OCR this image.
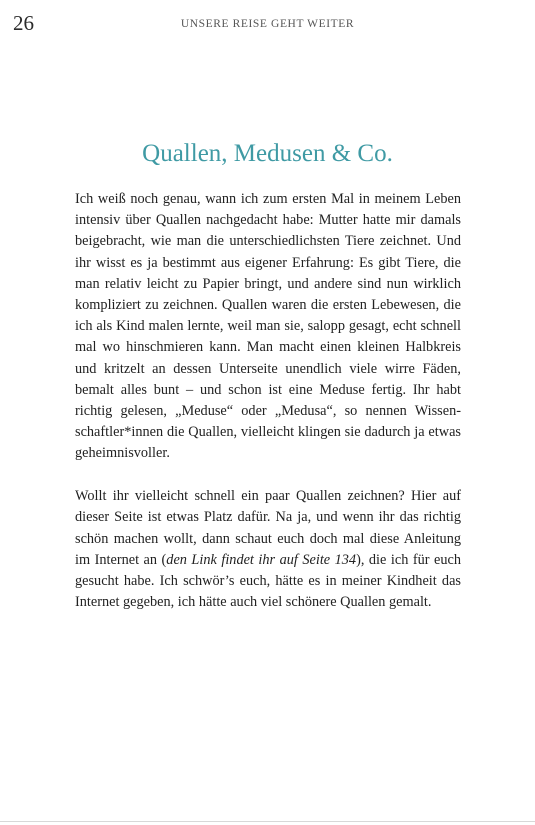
26	UNSERE REISE GEHT WEITER
Quallen, Medusen & Co.

Ich weiß noch genau, wann ich zum ersten Mal in meinem Leben intensiv über Quallen nachgedacht habe: Mutter hatte mir damals beigebracht, wie man die unterschiedlichsten Tiere zeichnet. Und ihr wisst es ja bestimmt aus eigener Erfahrung: Es gibt Tiere, die man relativ leicht zu Papier bringt, und andere sind nun wirklich kompliziert zu zeichnen. Quallen waren die ersten Lebewesen, die ich als Kind malen lernte, weil man sie, salopp gesagt, echt schnell mal wo hinschmieren kann. Man macht einen kleinen Halbkreis und kritzelt an dessen Unterseite unendlich viele wirre Fäden, bemalt alles bunt – und schon ist eine Meduse fertig. Ihr habt richtig gelesen, „Meduse“ oder „Medusa“, so nennen Wissenschaftler*innen die Quallen, vielleicht klingen sie dadurch ja etwas geheimnisvoller.

Wollt ihr vielleicht schnell ein paar Quallen zeichnen? Hier auf dieser Seite ist etwas Platz dafür. Na ja, und wenn ihr das richtig schön machen wollt, dann schaut euch doch mal diese Anleitung im Internet an (den Link findet ihr auf Seite 134), die ich für euch gesucht habe. Ich schwör’s euch, hätte es in meiner Kindheit das Internet gegeben, ich hätte auch viel schönere Quallen gemalt.
